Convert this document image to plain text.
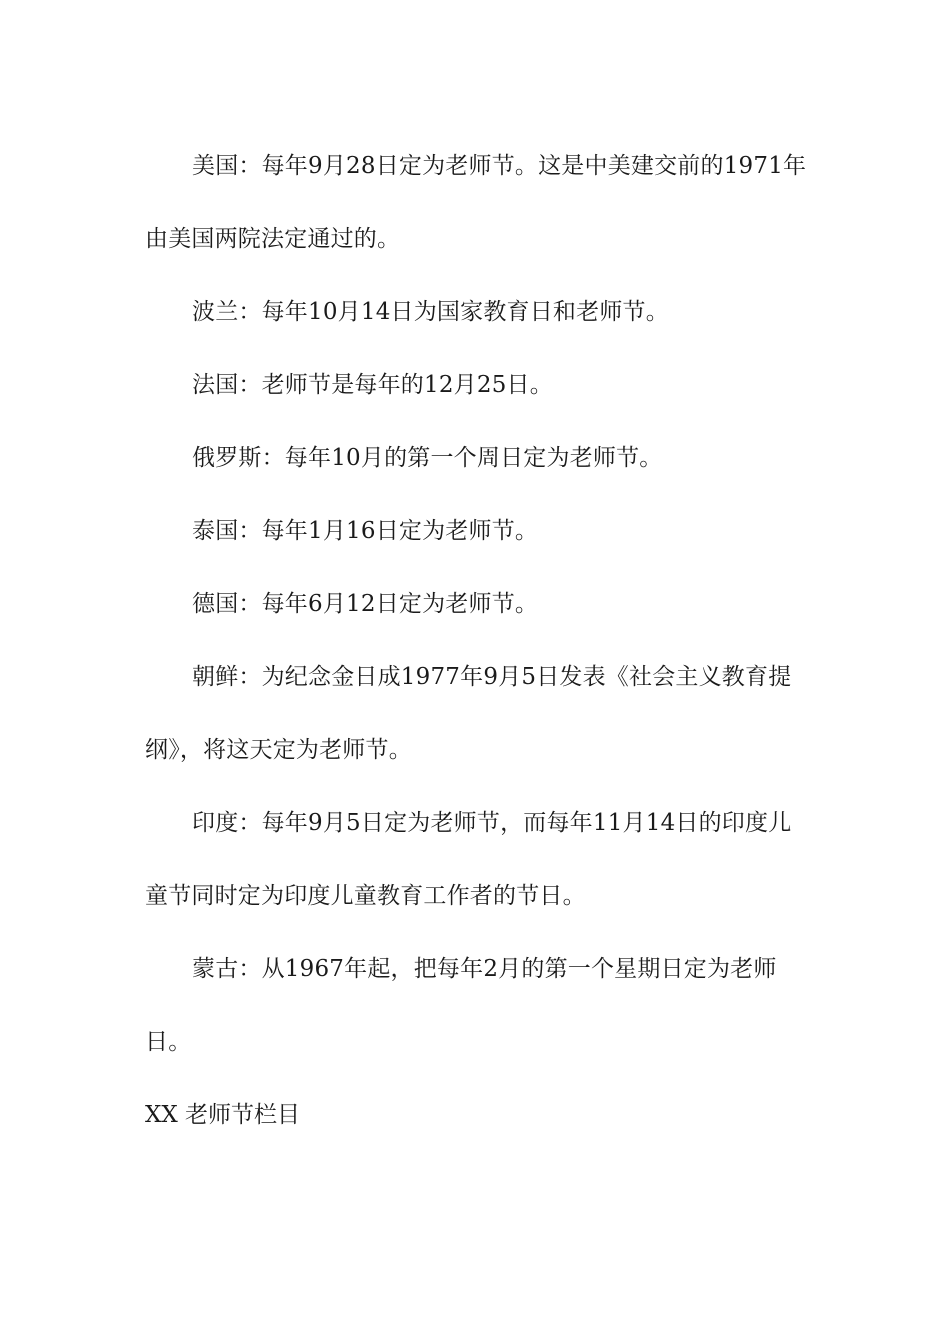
美国：每年9月28日定为老师节。这是中美建交前的1971年由美国两院法定通过的。

波兰：每年10月14日为国家教育日和老师节。

法国：老师节是每年的12月25日。

俄罗斯：每年10月的第一个周日定为老师节。

泰国：每年1月16日定为老师节。

德国：每年6月12日定为老师节。

朝鲜：为纪念金日成1977年9月5日发表《社会主义教育提纲》，将这天定为老师节。

印度：每年9月5日定为老师节，而每年11月14日的印度儿童节同时定为印度儿童教育工作者的节日。

蒙古：从1967年起，把每年2月的第一个星期日定为老师日。

XX 老师节栏目
